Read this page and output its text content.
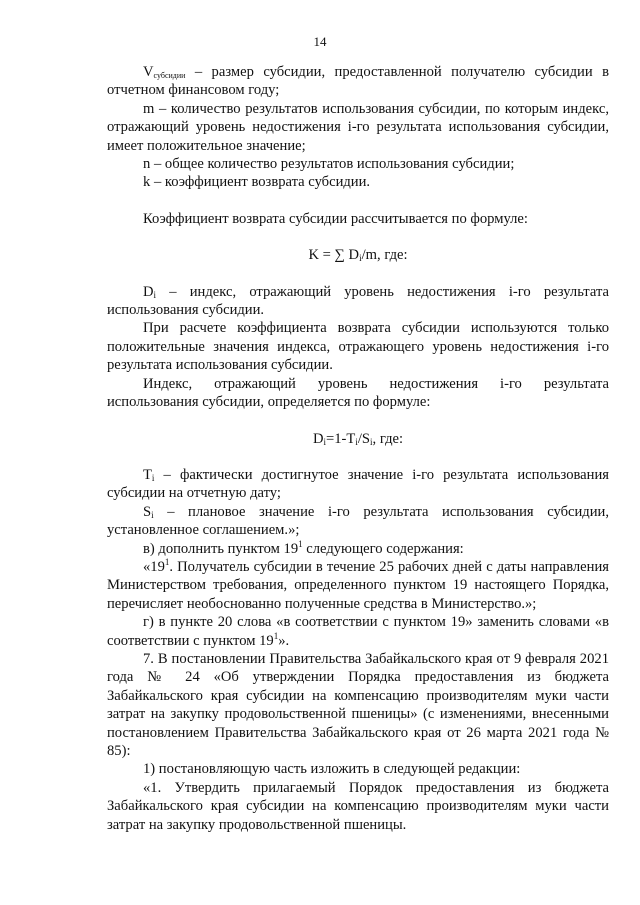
14

$V_{субсидии}$ – размер субсидии, предоставленной получателю субсидии в отчетном финансовом году;

m – количество результатов использования субсидии, по которым индекс, отражающий уровень недостижения i-го результата использования субсидии, имеет положительное значение;

n – общее количество результатов использования субсидии;

k – коэффициент возврата субсидии.

Коэффициент возврата субсидии рассчитывается по формуле:

K = ∑ $D_i/m$, где:

$D_i$ – индекс, отражающий уровень недостижения i-го результата использования субсидии.

При расчете коэффициента возврата субсидии используются только положительные значения индекса, отражающего уровень недостижения i-го результата использования субсидии.

Индекс, отражающий уровень недостижения i-го результата использования субсидии, определяется по формуле:

$D_i=1-T_i/S_i$, где:

$T_i$ – фактически достигнутое значение i-го результата использования субсидии на отчетную дату;

$S_i$ – плановое значение i-го результата использования субсидии, установленное соглашением.»;

в) дополнить пунктом $19^1$ следующего содержания:

«$19^1$. Получатель субсидии в течение 25 рабочих дней с даты направления Министерством требования, определенного пунктом 19 настоящего Порядка, перечисляет необоснованно полученные средства в Министерство.»;

г) в пункте 20 слова «в соответствии с пунктом 19» заменить словами «в соответствии с пунктом $19^1$».

7. В постановлении Правительства Забайкальского края от 9 февраля 2021 года № 24 «Об утверждении Порядка предоставления из бюджета Забайкальского края субсидии на компенсацию производителям муки части затрат на закупку продовольственной пшеницы» (с изменениями, внесенными постановлением Правительства Забайкальского края от 26 марта 2021 года № 85):

1) постановляющую часть изложить в следующей редакции:

«1. Утвердить прилагаемый Порядок предоставления из бюджета Забайкальского края субсидии на компенсацию производителям муки части затрат на закупку продовольственной пшеницы.
